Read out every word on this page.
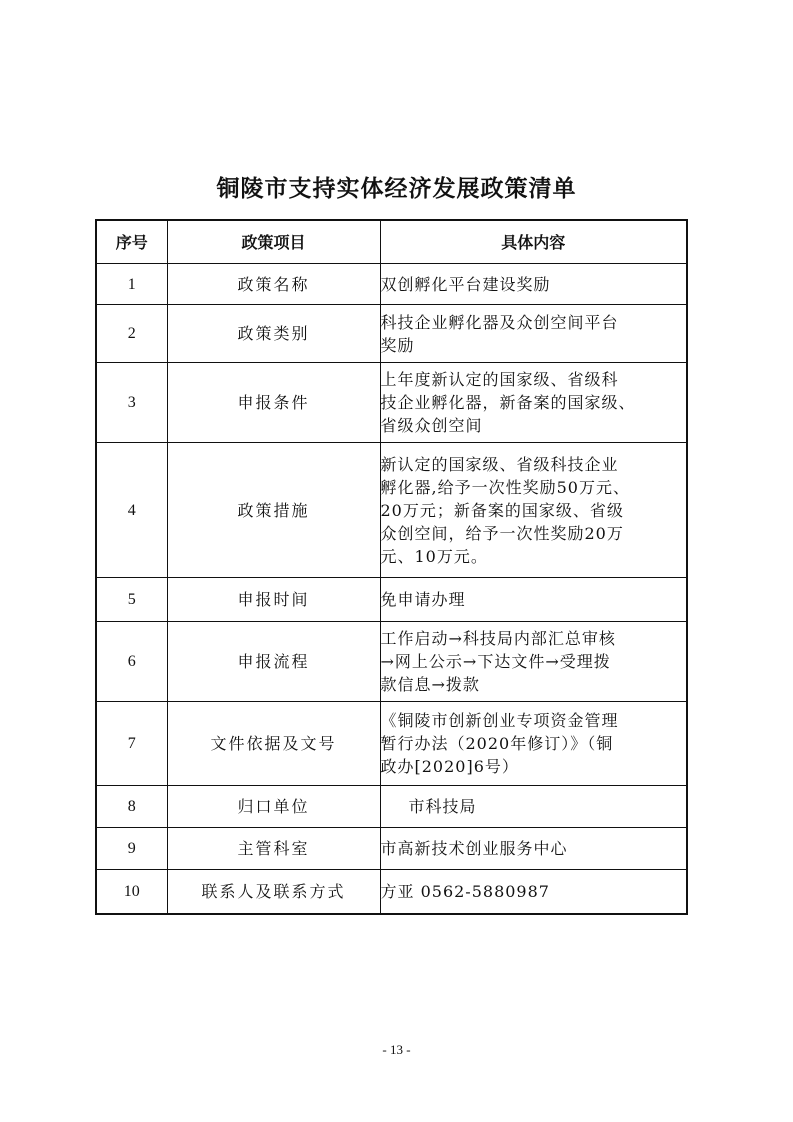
铜陵市支持实体经济发展政策清单
序号	政策项目	具体内容
1	政策名称	双创孵化平台建设奖励
2	政策类别	科技企业孵化器及众创空间平台
奖励
3	申报条件	上年度新认定的国家级、省级科
技企业孵化器，新备案的国家级、
省级众创空间
4	政策措施	新认定的国家级、省级科技企业
孵化器,给予一次性奖励50万元、
20万元；新备案的国家级、省级
众创空间，给予一次性奖励20万
元、10万元。
5	申报时间	免申请办理
6	申报流程	工作启动→科技局内部汇总审核
→网上公示→下达文件→受理拨
款信息→拨款
7	文件依据及文号	《铜陵市创新创业专项资金管理
暂行办法（2020年修订）》（铜
政办[2020]6号）
8	归口单位	市科技局
9	主管科室	市高新技术创业服务中心
10	联系人及联系方式	方亚 0562-5880987
- 13 -
